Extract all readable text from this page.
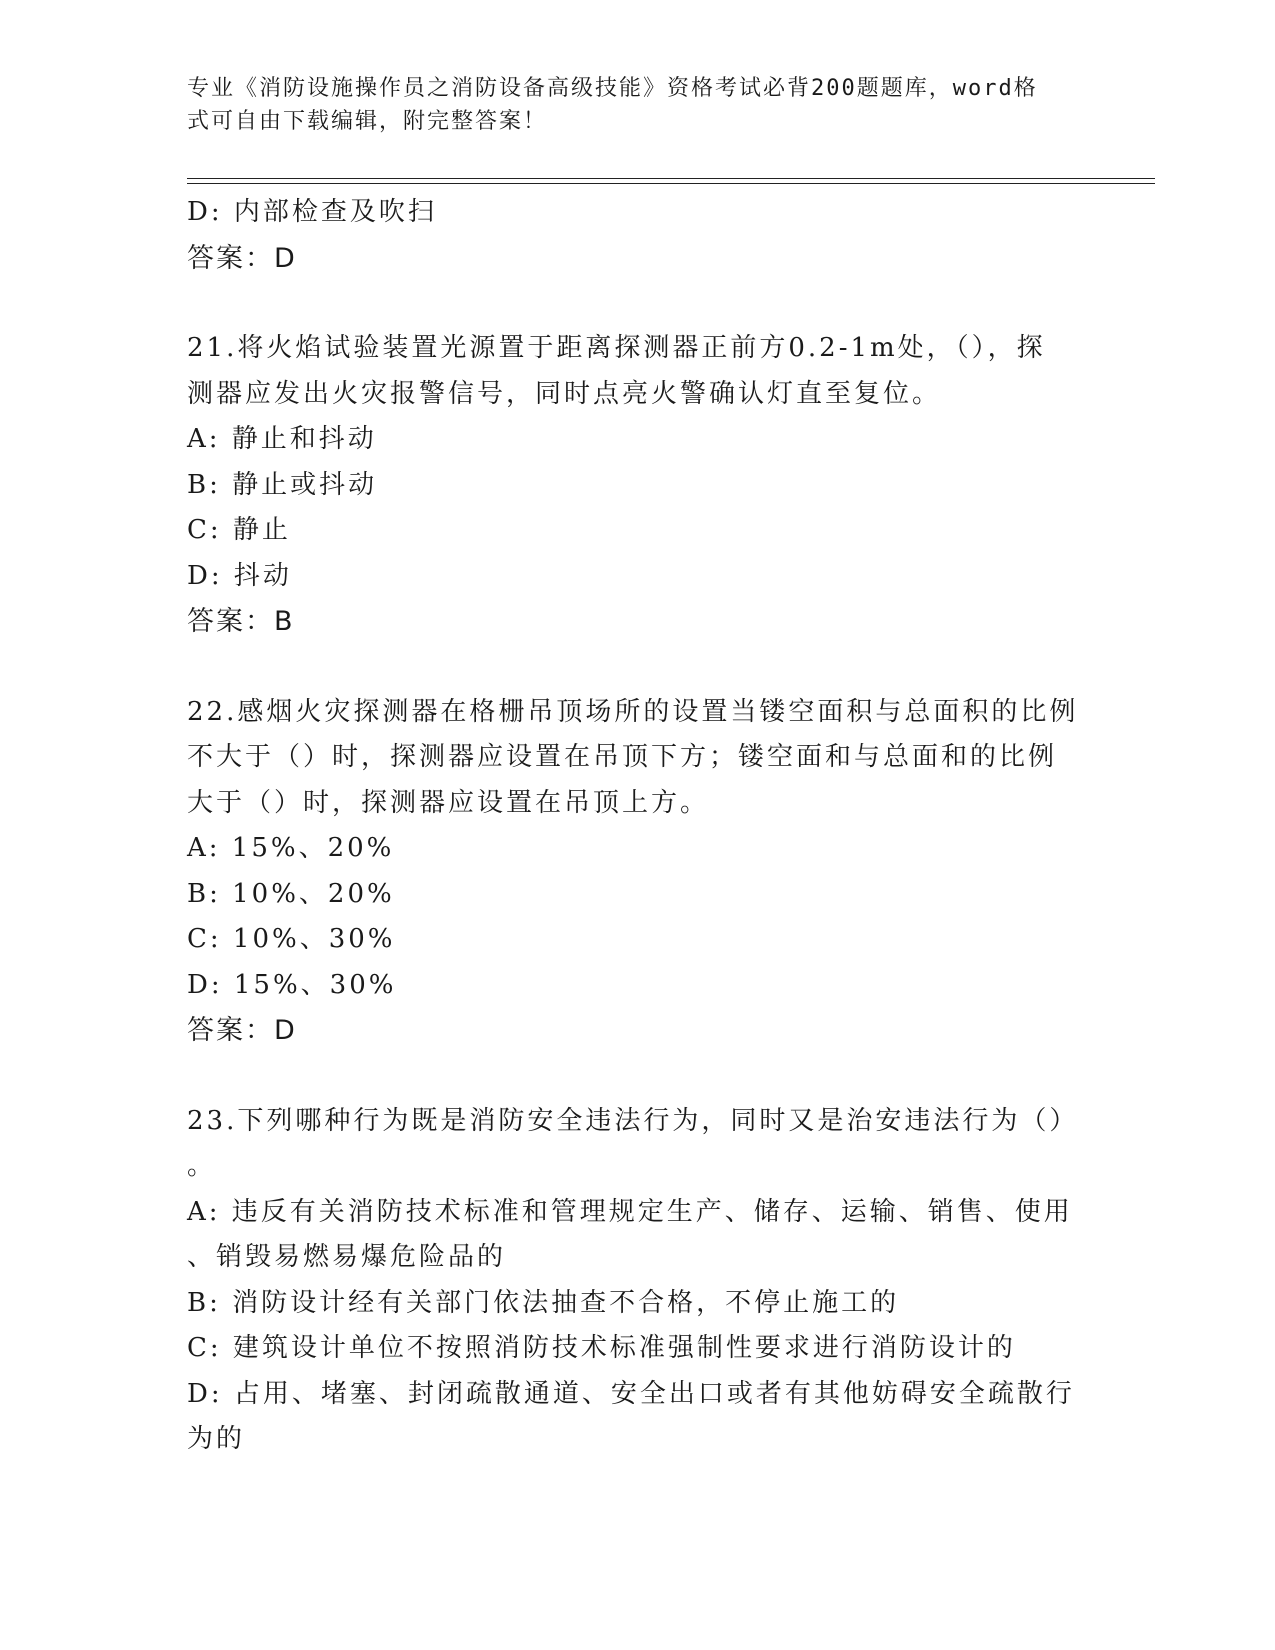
专业《消防设施操作员之消防设备高级技能》资格考试必背200题题库，word格
式可自由下载编辑，附完整答案！
D: 内部检查及吹扫
答案：D
21.将火焰试验装置光源置于距离探测器正前方0.2-1m处，（），探
测器应发出火灾报警信号，同时点亮火警确认灯直至复位。
A: 静止和抖动
B: 静止或抖动
C: 静止
D: 抖动
答案：B
22.感烟火灾探测器在格栅吊顶场所的设置当镂空面积与总面积的比例
不大于（）时，探测器应设置在吊顶下方；镂空面和与总面和的比例
大于（）时，探测器应设置在吊顶上方。
A: 15%、20%
B: 10%、20%
C: 10%、30%
D: 15%、30%
答案：D
23.下列哪种行为既是消防安全违法行为，同时又是治安违法行为（）
。
A: 违反有关消防技术标准和管理规定生产、储存、运输、销售、使用
、销毁易燃易爆危险品的
B: 消防设计经有关部门依法抽查不合格，不停止施工的
C: 建筑设计单位不按照消防技术标准强制性要求进行消防设计的
D: 占用、堵塞、封闭疏散通道、安全出口或者有其他妨碍安全疏散行
为的
